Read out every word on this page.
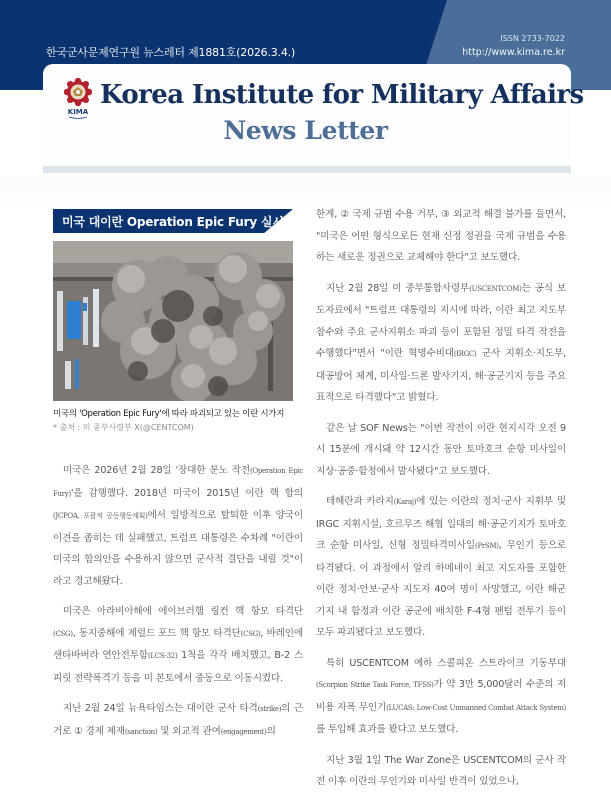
한국군사문제연구원 뉴스레터 제1881호(2026.3.4.)
ISSN 2733-7022
http://www.kima.re.kr
KIMA
Korea Institute for Military Affairs
News Letter
미국 대이란 Operation Epic Fury 실시
미국의 'Operation Epic Fury'에 따라 파괴되고 있는 이란 시가지
* 출처 : 미 중부사령부 X(@CENTCOM)
미국은 2026년 2월 28일 '장대한 분노 작전(Operation Epic Fury)'을 감행했다. 2018년 미국이 2015년 이란 핵 합의(JCPOA, 포괄적 공동행동계획)에서 일방적으로 탈퇴한 이후 양국이 이견을 좁히는 데 실패했고, 트럼프 대통령은 수차례 "이란이 미국의 합의안을 수용하지 않으면 군사적 결단을 내릴 것"이라고 경고해왔다.
미국은 아라비아해에 에이브러햄 링컨 핵 항모 타격단(CSG), 동지중해에 제럴드 포드 핵 항모 타격단(CSG), 바레인에 샌타바버라 연안전투함(LCS-32) 1척을 각각 배치했고, B-2 스피릿 전략폭격기 등을 미 본토에서 중동으로 이동시켰다.
지난 2월 24일 뉴욕타임스는 대이란 군사 타격(strike)의 근거로 ① 경제 제재(sanction) 및 외교적 관여(engagement)의
한계, ② 국제 규범 수용 거부, ③ 외교적 해결 불가를 들면서, "미국은 어떤 형식으로든 현재 신정 정권을 국제 규범을 수용하는 새로운 정권으로 교체해야 한다"고 보도했다.
지난 2월 28일 미 중부통합사령부(USCENTCOM)는 공식 보도자료에서 "트럼프 대통령의 지시에 따라, 이란 최고 지도부 참수와 주요 군사지휘소 파괴 등이 포함된 정밀 타격 작전을 수행했다"면서 "이란 혁명수비대(IRGC) 군사 지휘소·지도부, 대공방어 체계, 미사일·드론 발사기지, 해·공군기지 등을 주요 표적으로 타격했다"고 밝혔다.
같은 날 SOF News는 "이번 작전이 이란 현지시각 오전 9시 15분에 개시돼 약 12시간 동안 토마호크 순항 미사일이 지상·공중·함정에서 발사됐다"고 보도했다.
테헤란과 카라지(Karaj)에 있는 이란의 정치·군사 지휘부 및 IRGC 지휘시설, 호르무즈 해협 일대의 해·공군기지가 토마호크 순항 미사일, 신형 정밀타격미사일(PrSM), 무인기 등으로 타격됐다. 이 과정에서 알리 하메네이 최고 지도자를 포함한 이란 정치·안보·군사 지도자 40여 명이 사망했고, 이란 해군기지 내 함정과 이란 공군에 배치한 F-4형 팬텀 전투기 등이 모두 파괴됐다고 보도했다.
특히 USCENTCOM 예하 스콜피온 스트라이크 기동부대(Scorpion Strike Task Force, TFSS)가 약 3만 5,000달러 수준의 저비용 자폭 무인기(LUCAS: Low-Cost Unmanned Combat Attack System)를 투입해 효과를 봤다고 보도했다.
지난 3월 1일 The War Zone은 USCENTCOM의 군사 작전 이후 이란의 무인기와 미사일 반격이 있었으나,
